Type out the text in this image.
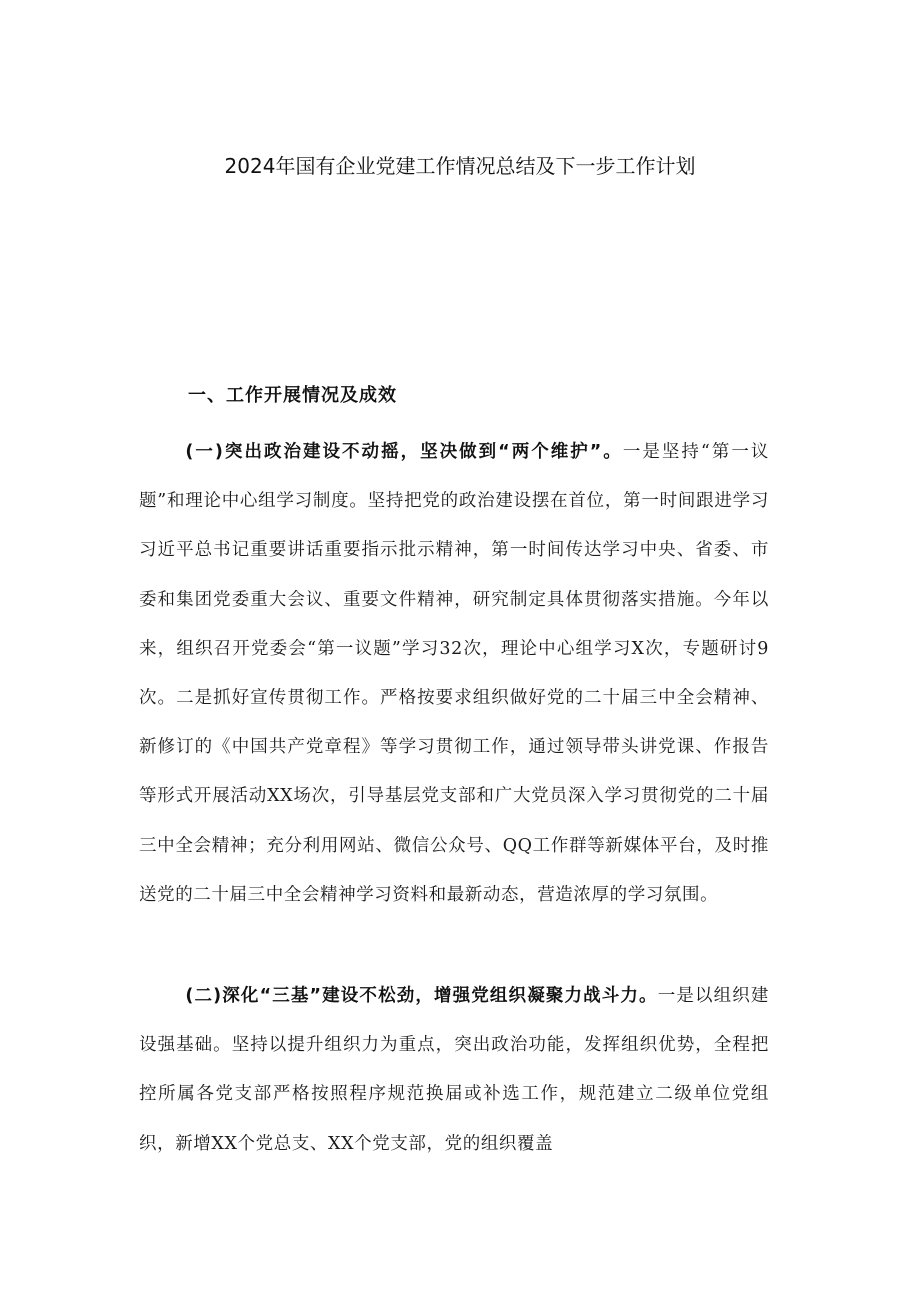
2024年国有企业党建工作情况总结及下一步工作计划
一、工作开展情况及成效

(一)突出政治建设不动摇，坚决做到“两个维护”。一是坚持“第一议题”和理论中心组学习制度。坚持把党的政治建设摆在首位，第一时间跟进学习习近平总书记重要讲话重要指示批示精神，第一时间传达学习中央、省委、市委和集团党委重大会议、重要文件精神，研究制定具体贯彻落实措施。今年以来，组织召开党委会“第一议题”学习32次，理论中心组学习X次，专题研讨9次。二是抓好宣传贯彻工作。严格按要求组织做好党的二十届三中全会精神、新修订的《中国共产党章程》等学习贯彻工作，通过领导带头讲党课、作报告等形式开展活动XX场次，引导基层党支部和广大党员深入学习贯彻党的二十届三中全会精神；充分利用网站、微信公众号、QQ工作群等新媒体平台，及时推送党的二十届三中全会精神学习资料和最新动态，营造浓厚的学习氛围。

(二)深化“三基”建设不松劲，增强党组织凝聚力战斗力。一是以组织建设强基础。坚持以提升组织力为重点，突出政治功能，发挥组织优势，全程把控所属各党支部严格按照程序规范换届或补选工作，规范建立二级单位党组织，新增XX个党总支、XX个党支部，党的组织覆盖
